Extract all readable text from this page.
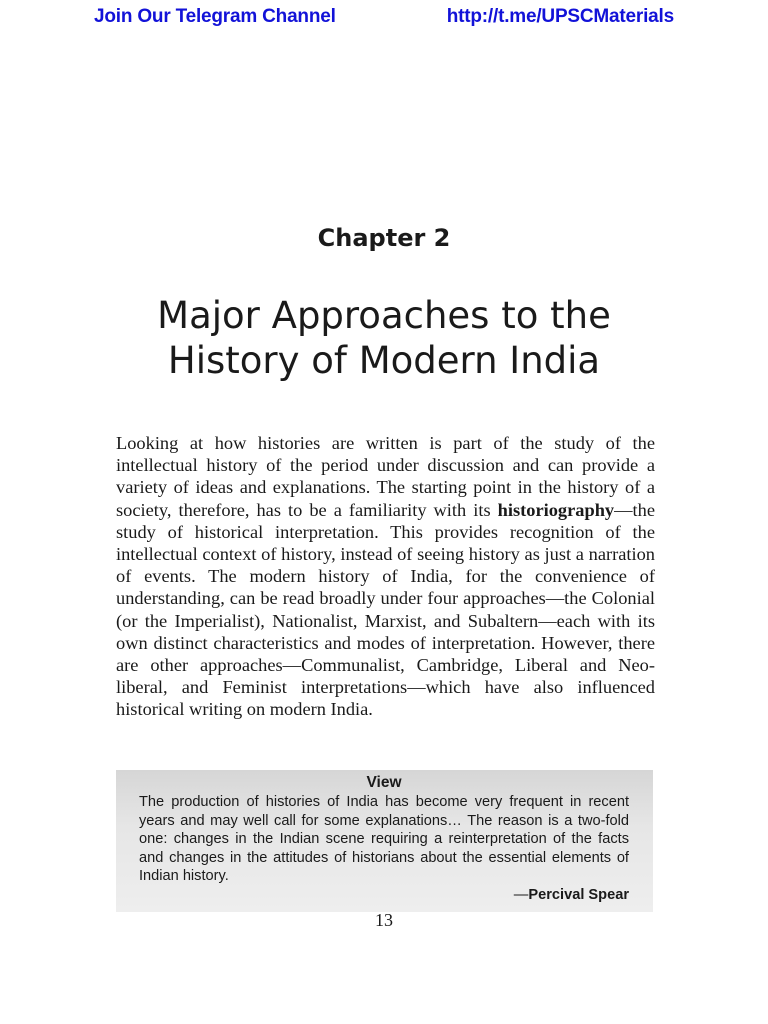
Join Our Telegram Channel	http://t.me/UPSCMaterials
Chapter 2
Major Approaches to the
History of Modern India
Looking at how histories are written is part of the study of the intellectual history of the period under discussion and can provide a variety of ideas and explanations. The starting point in the history of a society, therefore, has to be a familiarity with its historiography—the study of historical interpretation. This provides recognition of the intellectual context of history, instead of seeing history as just a narration of events. The modern history of India, for the convenience of understanding, can be read broadly under four approaches—the Colonial (or the Imperialist), Nationalist, Marxist, and Subaltern—each with its own distinct characteristics and modes of interpretation. However, there are other approaches—Communalist, Cambridge, Liberal and Neo-liberal, and Feminist interpretations—which have also influenced historical writing on modern India.
View
The production of histories of India has become very frequent in recent years and may well call for some explanations… The reason is a two-fold one: changes in the Indian scene requiring a reinterpretation of the facts and changes in the attitudes of historians about the essential elements of Indian history.
—Percival Spear
13
